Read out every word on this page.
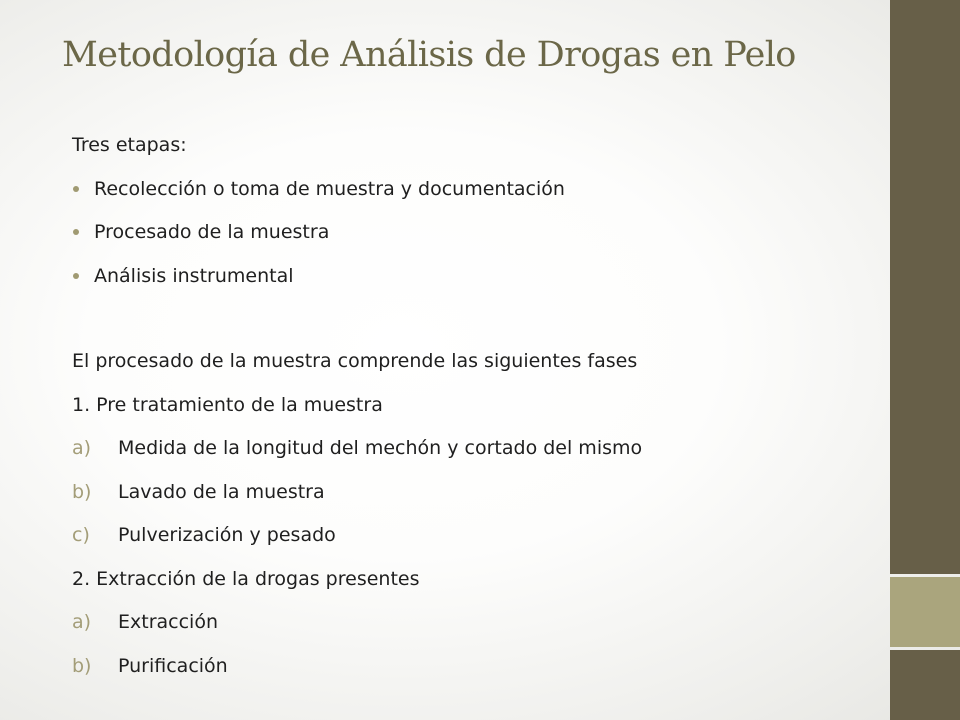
Metodología de Análisis de Drogas en Pelo
Tres etapas:
Recolección o toma de muestra y documentación
Procesado de la muestra
Análisis instrumental
El procesado de la muestra comprende las siguientes fases
1. Pre tratamiento de la muestra
a) Medida de la longitud del mechón y cortado del mismo
b) Lavado de la muestra
c) Pulverización y pesado
2. Extracción de la drogas presentes
a) Extracción
b) Purificación
